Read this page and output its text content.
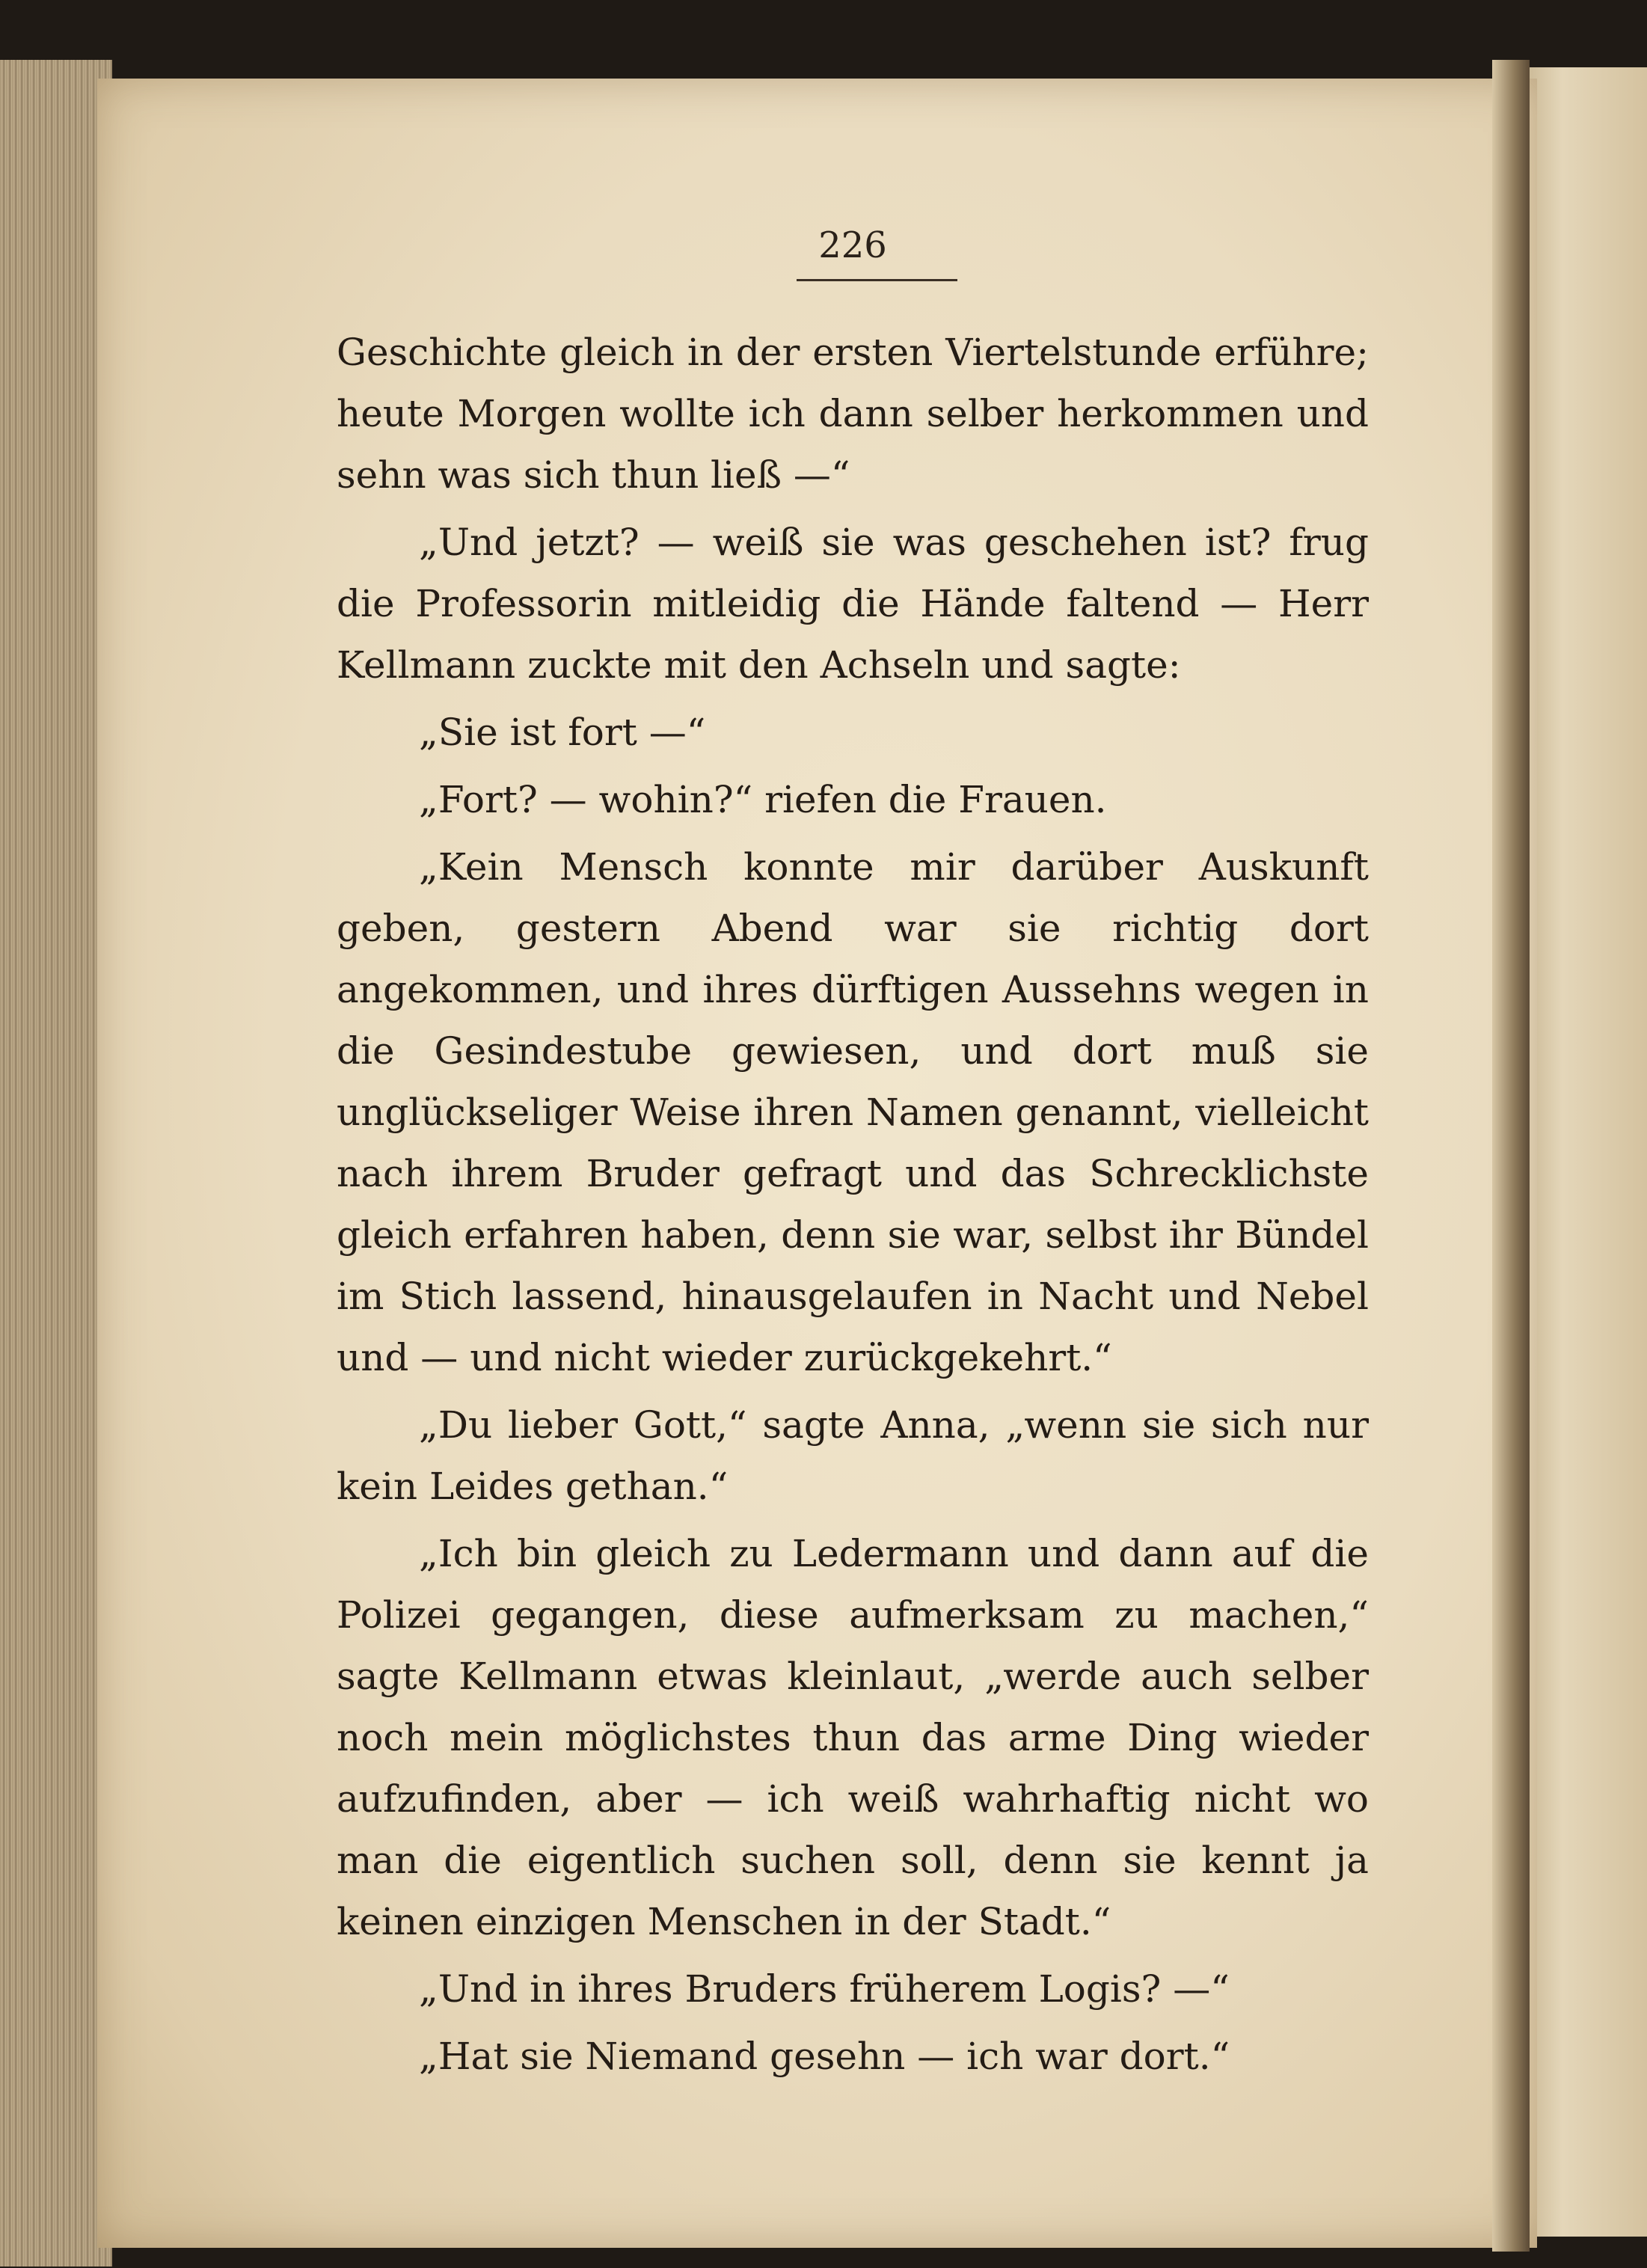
226

Geschichte gleich in der ersten Viertelstunde erführe; heute Morgen wollte ich dann selber herkommen und sehn was sich thun ließ —“

„Und jetzt? — weiß sie was geschehen ist? frug die Professorin mitleidig die Hände faltend — Herr Kellmann zuckte mit den Achseln und sagte:

„Sie ist fort —“

„Fort? — wohin?“ riefen die Frauen.

„Kein Mensch konnte mir darüber Auskunft geben, gestern Abend war sie richtig dort angekommen, und ihres dürftigen Aussehns wegen in die Gesindestube gewiesen, und dort muß sie unglückseliger Weise ihren Namen genannt, vielleicht nach ihrem Bruder gefragt und das Schrecklichste gleich erfahren haben, denn sie war, selbst ihr Bündel im Stich lassend, hinausgelaufen in Nacht und Nebel und — und nicht wieder zurückgekehrt.“

„Du lieber Gott,“ sagte Anna, „wenn sie sich nur kein Leides gethan.“

„Ich bin gleich zu Ledermann und dann auf die Polizei gegangen, diese aufmerksam zu machen,“ sagte Kellmann etwas kleinlaut, „werde auch selber noch mein möglichstes thun das arme Ding wieder aufzufinden, aber — ich weiß wahrhaftig nicht wo man die eigentlich suchen soll, denn sie kennt ja keinen einzigen Menschen in der Stadt.“

„Und in ihres Bruders früherem Logis? —“

„Hat sie Niemand gesehn — ich war dort.“
